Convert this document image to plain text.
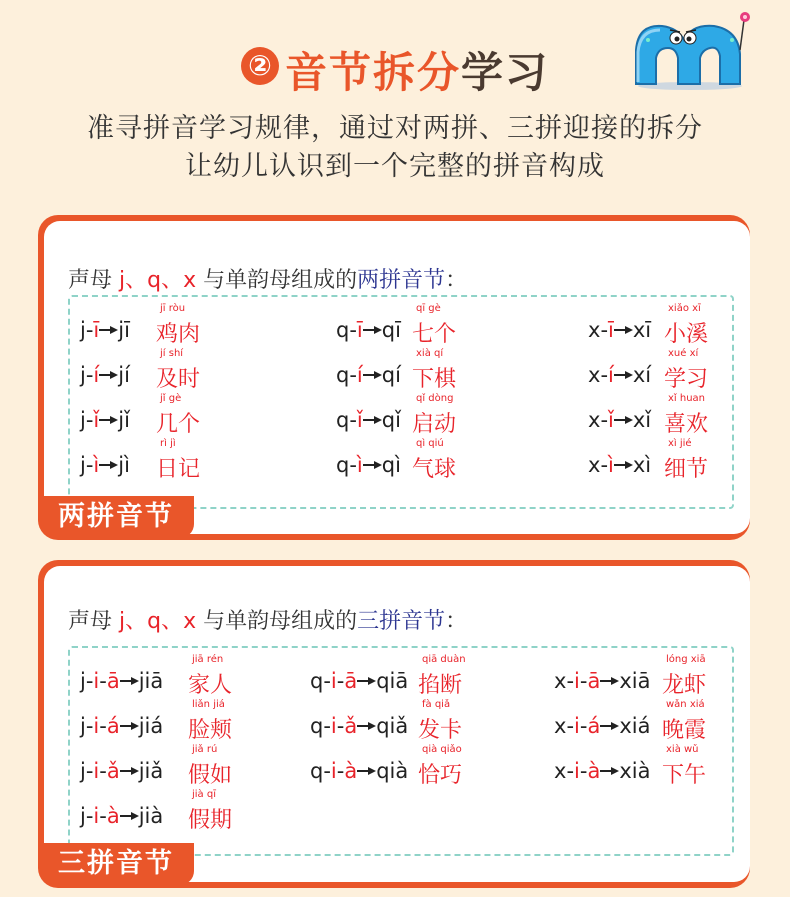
② 音节拆分学习
准寻拼音学习规律，通过对两拼、三拼迎接的拆分
让幼儿认识到一个完整的拼音构成
声母 j、q、x 与单韵母组成的两拼音节：
jī ròu
j-ī jī 鸡肉
qī gè
q-ī qī 七个
xiǎo xī
x-ī xī 小溪
jí shí
j-í jí 及时
xià qí
q-í qí 下棋
xué xí
x-í xí 学习
jǐ gè
j-ǐ jǐ 几个
qǐ dòng
q-ǐ qǐ 启动
xǐ huan
x-ǐ xǐ 喜欢
rì jì
j-ì jì 日记
qì qiú
q-ì qì 气球
xì jié
x-ì xì 细节
两拼音节
声母 j、q、x 与单韵母组成的三拼音节：
jiā rén
j-i-ā jiā 家人
qiā duàn
q-i-ā qiā 掐断
lóng xiā
x-i-ā xiā 龙虾
liǎn jiá
j-i-á jiá 脸颊
fà qiǎ
q-i-ǎ qiǎ 发卡
wǎn xiá
x-i-á xiá 晚霞
jiǎ rú
j-i-ǎ jiǎ 假如
qià qiǎo
q-i-à qià 恰巧
xià wǔ
x-i-à xià 下午
jià qī
j-i-à jià 假期
三拼音节
